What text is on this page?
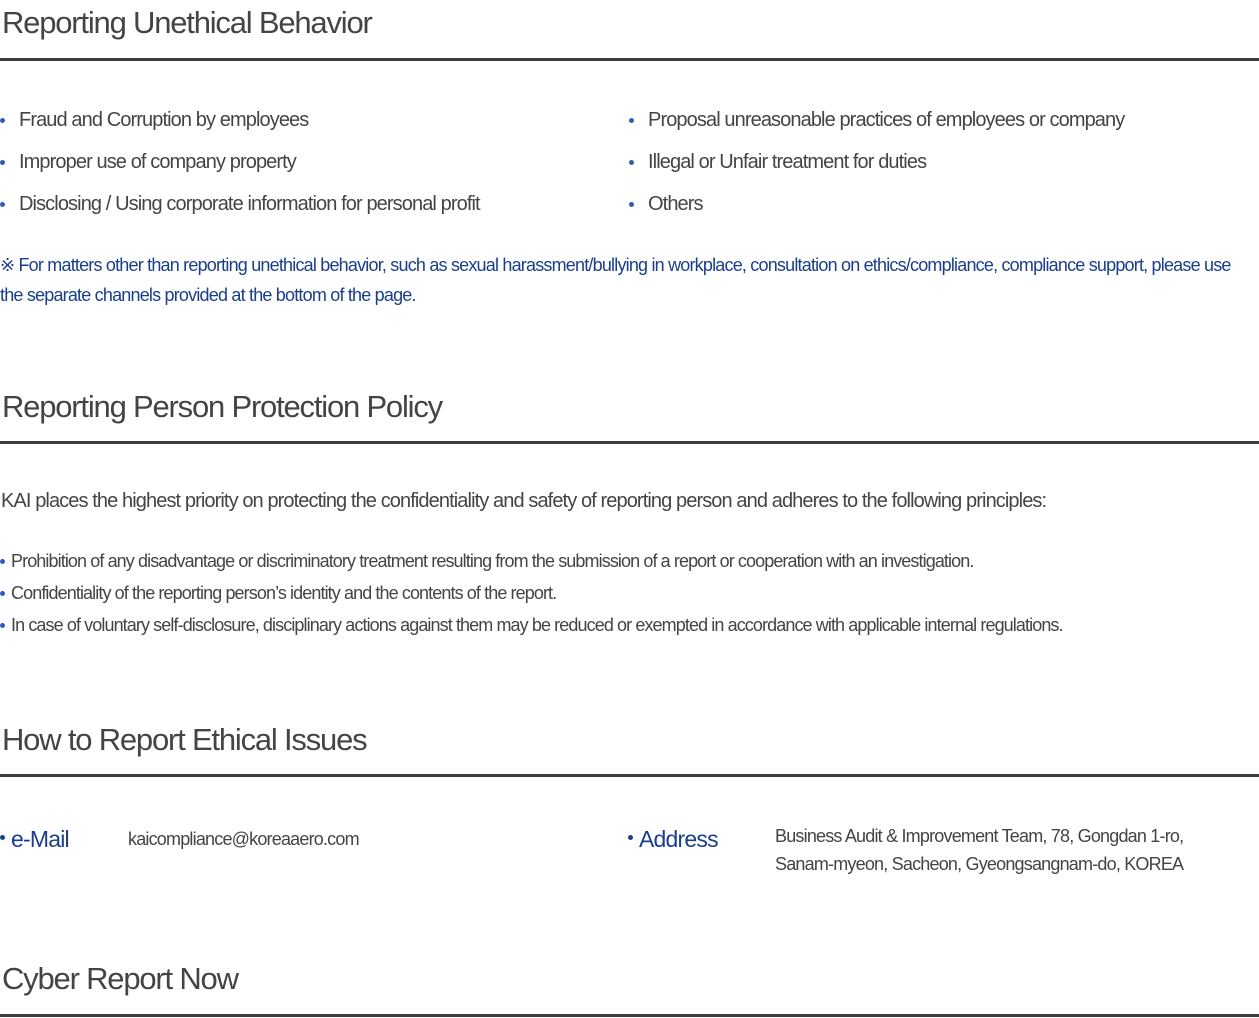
Reporting Unethical Behavior
Fraud and Corruption by employees
Improper use of company property
Disclosing / Using corporate information for personal profit
Proposal unreasonable practices of employees or company
Illegal or Unfair treatment for duties
Others

※ For matters other than reporting unethical behavior, such as sexual harassment/bullying in workplace, consultation on ethics/compliance, compliance support, please use the separate channels provided at the bottom of the page.

Reporting Person Protection Policy

KAI places the highest priority on protecting the confidentiality and safety of reporting person and adheres to the following principles:

Prohibition of any disadvantage or discriminatory treatment resulting from the submission of a report or cooperation with an investigation.
Confidentiality of the reporting person’s identity and the contents of the report.
In case of voluntary self-disclosure, disciplinary actions against them may be reduced or exempted in accordance with applicable internal regulations.
How to Report Ethical Issues
e-Mail	kaicompliance@koreaaero.com	Address	Business Audit & Improvement Team, 78, Gongdan 1-ro,
Sanam-myeon, Sacheon, Gyeongsangnam-do, KOREA
Cyber Report Now
